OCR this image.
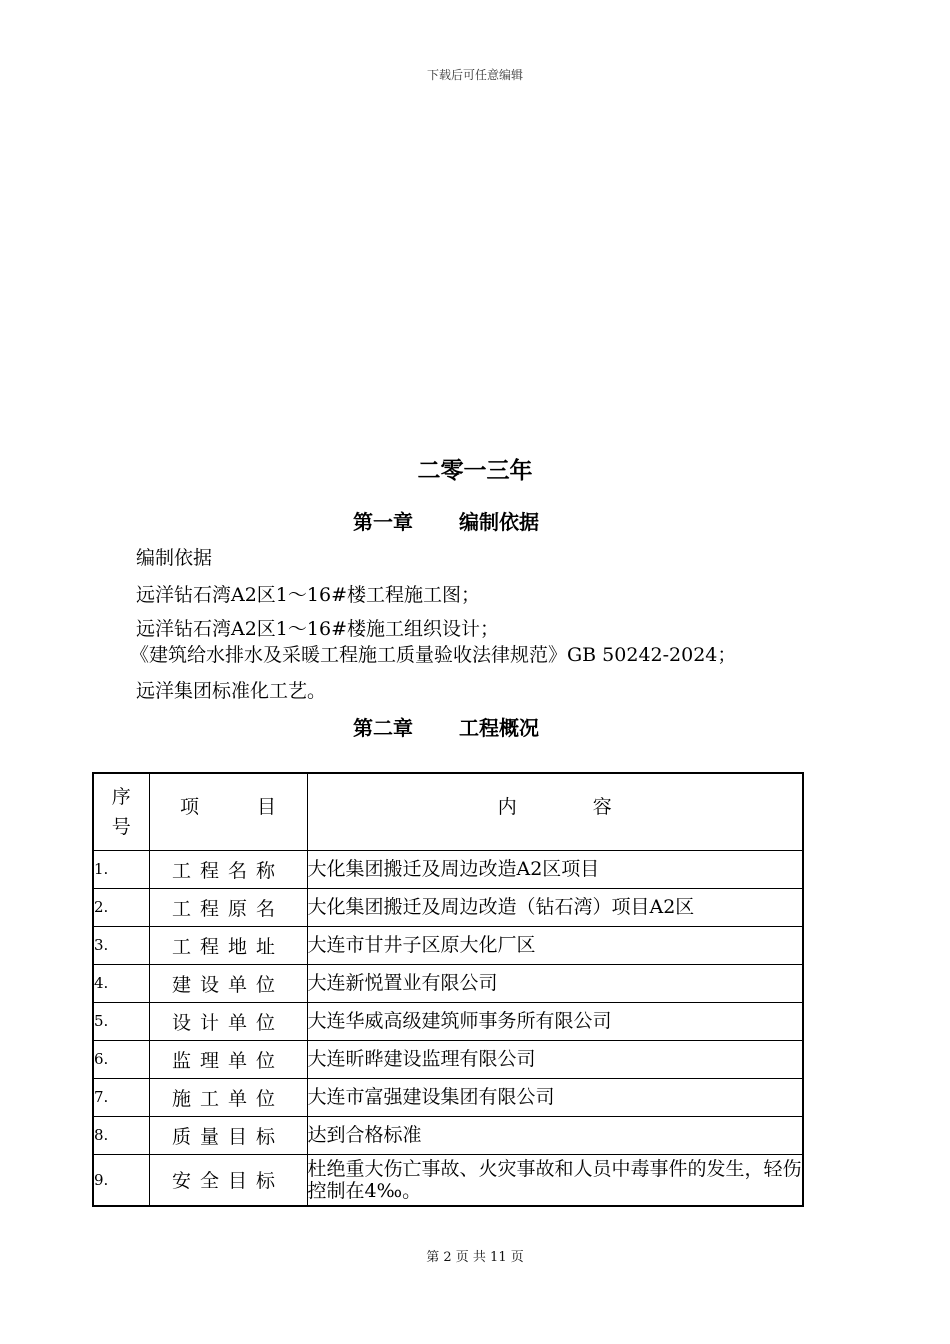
下载后可任意编辑
二零一三年
第一章 编制依据
编制依据
远洋钻石湾A2区1～16#楼工程施工图；
远洋钻石湾A2区1～16#楼施工组织设计；
《建筑给水排水及采暖工程施工质量验收法律规范》GB 50242-2024；
远洋集团标准化工艺。
第二章 工程概况
序
号	项 目	内 容
1.	工程名称	大化集团搬迁及周边改造A2区项目
2.	工程原名	大化集团搬迁及周边改造（钻石湾）项目A2区
3.	工程地址	大连市甘井子区原大化厂区
4.	建设单位	大连新悦置业有限公司
5.	设计单位	大连华威高级建筑师事务所有限公司
6.	监理单位	大连昕晔建设监理有限公司
7.	施工单位	大连市富强建设集团有限公司
8.	质量目标	达到合格标准
9.	安全目标	杜绝重大伤亡事故、火灾事故和人员中毒事件的发生，轻伤控制在4‰。
第 2 页 共 11 页
